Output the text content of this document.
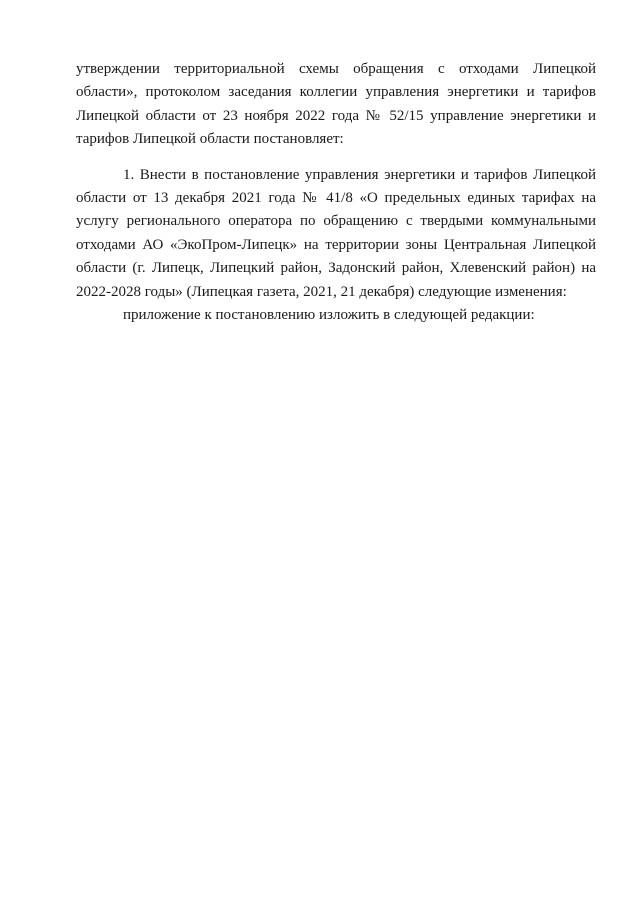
утверждении территориальной схемы обращения с отходами Липецкой области», протоколом заседания коллегии управления энергетики и тарифов Липецкой области от 23 ноября 2022 года № 52/15 управление энергетики и тарифов Липецкой области постановляет:

1. Внести в постановление управления энергетики и тарифов Липецкой области от 13 декабря 2021 года № 41/8 «О предельных единых тарифах на услугу регионального оператора по обращению с твердыми коммунальными отходами АО «ЭкоПром-Липецк» на территории зоны Центральная Липецкой области (г. Липецк, Липецкий район, Задонский район, Хлевенский район) на 2022-2028 годы» (Липецкая газета, 2021, 21 декабря) следующие изменения:

приложение к постановлению изложить в следующей редакции:
